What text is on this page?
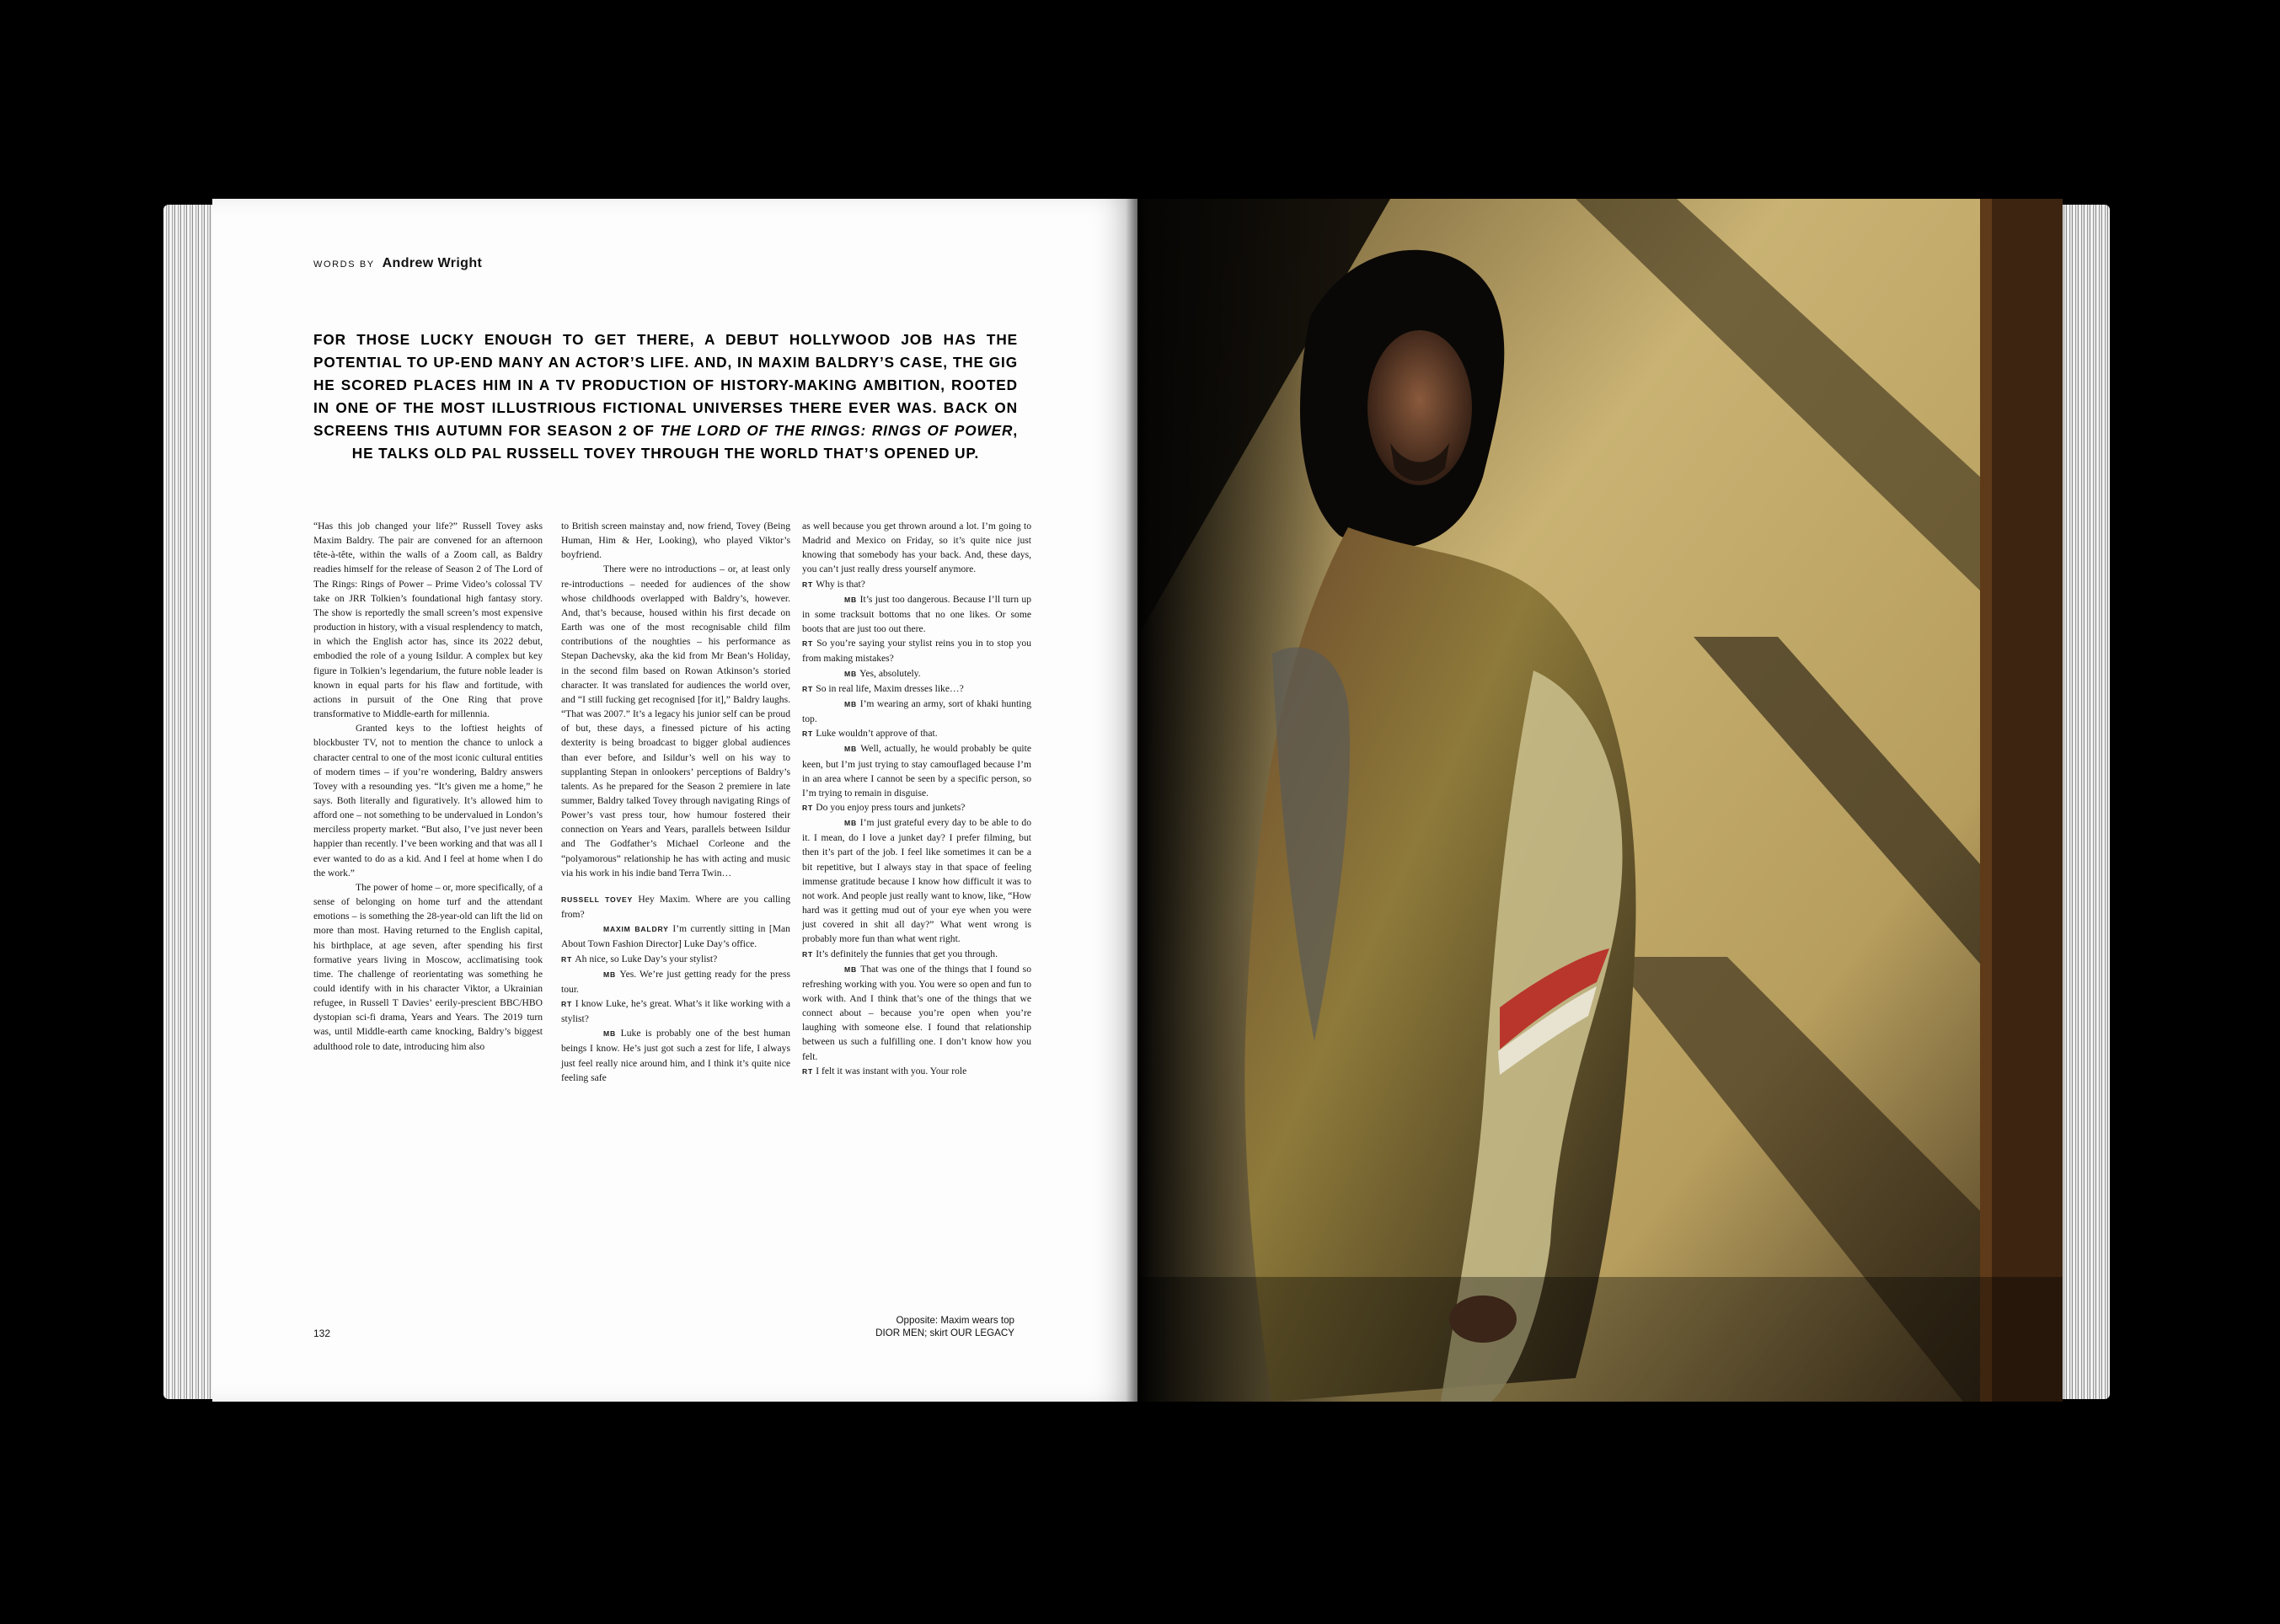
WORDS BY Andrew Wright
FOR THOSE LUCKY ENOUGH TO GET THERE, A DEBUT HOLLYWOOD JOB HAS THE POTENTIAL TO UP-END MANY AN ACTOR’S LIFE. AND, IN MAXIM BALDRY’S CASE, THE GIG HE SCORED PLACES HIM IN A TV PRODUCTION OF HISTORY-MAKING AMBITION, ROOTED IN ONE OF THE MOST ILLUSTRIOUS FICTIONAL UNIVERSES THERE EVER WAS. BACK ON SCREENS THIS AUTUMN FOR SEASON 2 OF THE LORD OF THE RINGS: RINGS OF POWER, HE TALKS OLD PAL RUSSELL TOVEY THROUGH THE WORLD THAT’S OPENED UP.

“Has this job changed your life?” Russell Tovey asks Maxim Baldry. The pair are convened for an afternoon tête-à-tête, within the walls of a Zoom call, as Baldry readies himself for the release of Season 2 of The Lord of The Rings: Rings of Power – Prime Video’s colossal TV take on JRR Tolkien’s foundational high fantasy story. The show is reportedly the small screen’s most expensive production in history, with a visual resplendency to match, in which the English actor has, since its 2022 debut, embodied the role of a young Isildur. A complex but key figure in Tolkien’s legendarium, the future noble leader is known in equal parts for his flaw and fortitude, with actions in pursuit of the One Ring that prove transformative to Middle-earth for millennia.

Granted keys to the loftiest heights of blockbuster TV, not to mention the chance to unlock a character central to one of the most iconic cultural entities of modern times – if you’re wondering, Baldry answers Tovey with a resounding yes. “It’s given me a home,” he says. Both literally and figuratively. It’s allowed him to afford one – not something to be undervalued in London’s merciless property market. “But also, I’ve just never been happier than recently. I’ve been working and that was all I ever wanted to do as a kid. And I feel at home when I do the work.”

The power of home – or, more specifically, of a sense of belonging on home turf and the attendant emotions – is something the 28-year-old can lift the lid on more than most. Having returned to the English capital, his birthplace, at age seven, after spending his first formative years living in Moscow, acclimatising took time. The challenge of reorientating was something he could identify with in his character Viktor, a Ukrainian refugee, in Russell T Davies’ eerily-prescient BBC/HBO dystopian sci-fi drama, Years and Years. The 2019 turn was, until Middle-earth came knocking, Baldry’s biggest adulthood role to date, introducing him also

to British screen mainstay and, now friend, Tovey (Being Human, Him & Her, Looking), who played Viktor’s boyfriend.

There were no introductions – or, at least only re-introductions – needed for audiences of the show whose childhoods overlapped with Baldry’s, however. And, that’s because, housed within his first decade on Earth was one of the most recognisable child film contributions of the noughties – his performance as Stepan Dachevsky, aka the kid from Mr Bean’s Holiday, in the second film based on Rowan Atkinson’s storied character. It was translated for audiences the world over, and “I still fucking get recognised [for it],” Baldry laughs. “That was 2007.” It’s a legacy his junior self can be proud of but, these days, a finessed picture of his acting dexterity is being broadcast to bigger global audiences than ever before, and Isildur’s well on his way to supplanting Stepan in onlookers’ perceptions of Baldry’s talents. As he prepared for the Season 2 premiere in late summer, Baldry talked Tovey through navigating Rings of Power’s vast press tour, how humour fostered their connection on Years and Years, parallels between Isildur and The Godfather’s Michael Corleone and the “polyamorous” relationship he has with acting and music via his work in his indie band Terra Twin…

RUSSELL TOVEY Hey Maxim. Where are you calling from?

MAXIM BALDRY I’m currently sitting in [Man About Town Fashion Director] Luke Day’s office.

RT Ah nice, so Luke Day’s your stylist?

MB Yes. We’re just getting ready for the press tour.

RT I know Luke, he’s great. What’s it like working with a stylist?

MB Luke is probably one of the best human beings I know. He’s just got such a zest for life, I always just feel really nice around him, and I think it’s quite nice feeling safe

as well because you get thrown around a lot. I’m going to Madrid and Mexico on Friday, so it’s quite nice just knowing that somebody has your back. And, these days, you can’t just really dress yourself anymore.

RT Why is that?

MB It’s just too dangerous. Because I’ll turn up in some tracksuit bottoms that no one likes. Or some boots that are just too out there.

RT So you’re saying your stylist reins you in to stop you from making mistakes?

MB Yes, absolutely.

RT So in real life, Maxim dresses like…?

MB I’m wearing an army, sort of khaki hunting top.

RT Luke wouldn’t approve of that.

MB Well, actually, he would probably be quite keen, but I’m just trying to stay camouflaged because I’m in an area where I cannot be seen by a specific person, so I’m trying to remain in disguise.

RT Do you enjoy press tours and junkets?

MB I’m just grateful every day to be able to do it. I mean, do I love a junket day? I prefer filming, but then it’s part of the job. I feel like sometimes it can be a bit repetitive, but I always stay in that space of feeling immense gratitude because I know how difficult it was to not work. And people just really want to know, like, “How hard was it getting mud out of your eye when you were just covered in shit all day?” What went wrong is probably more fun than what went right.

RT It’s definitely the funnies that get you through.

MB That was one of the things that I found so refreshing working with you. You were so open and fun to work with. And I think that’s one of the things that we connect about – because you’re open when you’re laughing with someone else. I found that relationship between us such a fulfilling one. I don’t know how you felt.

RT I felt it was instant with you. Your role

132
Opposite: Maxim wears top
DIOR MEN; skirt OUR LEGACY
